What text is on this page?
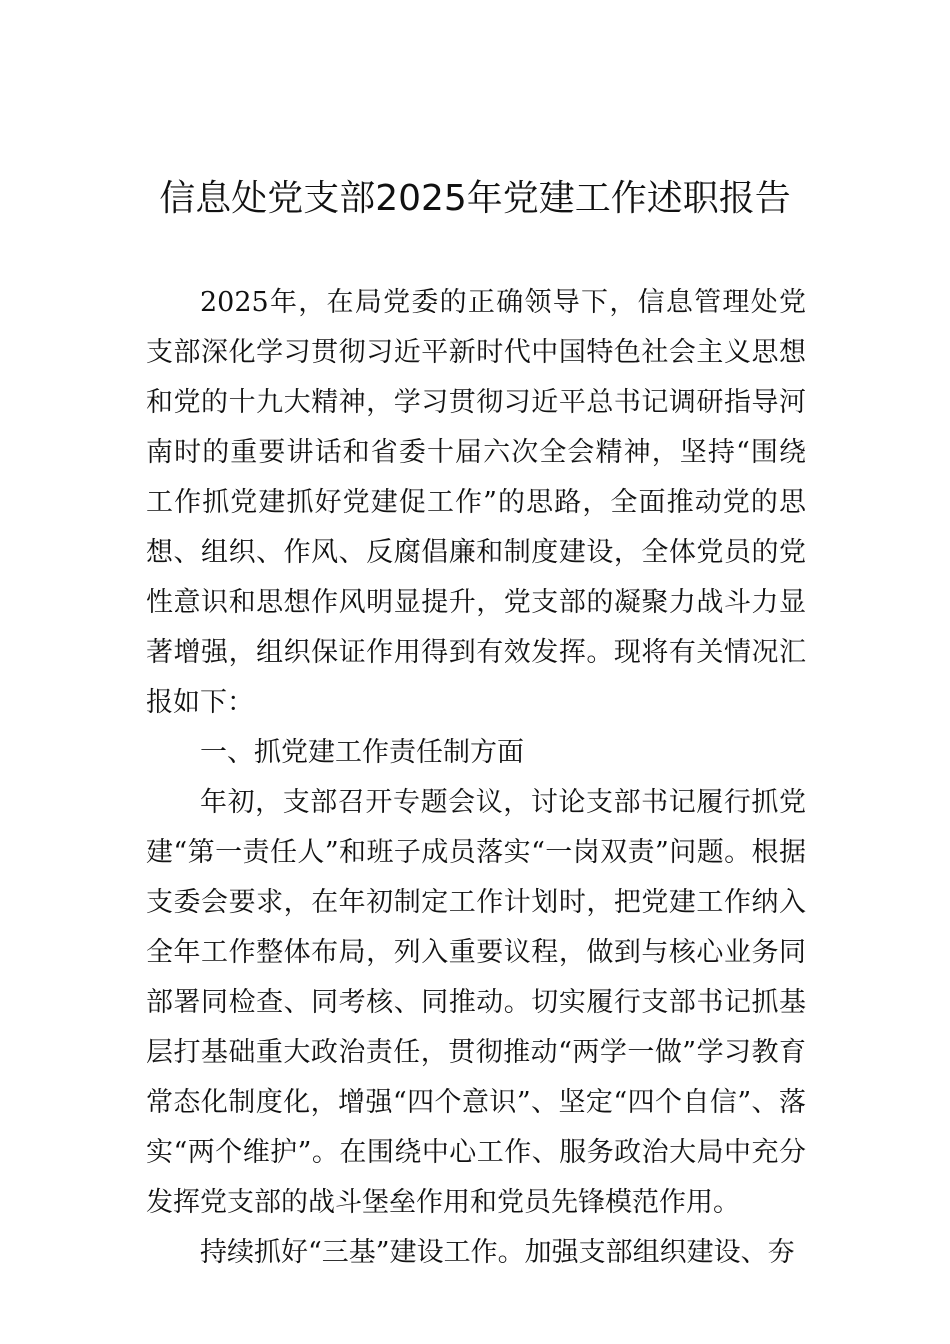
信息处党支部2025年党建工作述职报告

2025年，在局党委的正确领导下，信息管理处党支部深化学习贯彻习近平新时代中国特色社会主义思想和党的十九大精神，学习贯彻习近平总书记调研指导河南时的重要讲话和省委十届六次全会精神，坚持“围绕工作抓党建抓好党建促工作”的思路，全面推动党的思想、组织、作风、反腐倡廉和制度建设，全体党员的党性意识和思想作风明显提升，党支部的凝聚力战斗力显著增强，组织保证作用得到有效发挥。现将有关情况汇报如下：

一、抓党建工作责任制方面

年初，支部召开专题会议，讨论支部书记履行抓党建“第一责任人”和班子成员落实“一岗双责”问题。根据支委会要求，在年初制定工作计划时，把党建工作纳入全年工作整体布局，列入重要议程，做到与核心业务同部署同检查、同考核、同推动。切实履行支部书记抓基层打基础重大政治责任，贯彻推动“两学一做”学习教育常态化制度化，增强“四个意识”、坚定“四个自信”、落实“两个维护”。在围绕中心工作、服务政治大局中充分发挥党支部的战斗堡垒作用和党员先锋模范作用。

持续抓好“三基”建设工作。加强支部组织建设、夯
